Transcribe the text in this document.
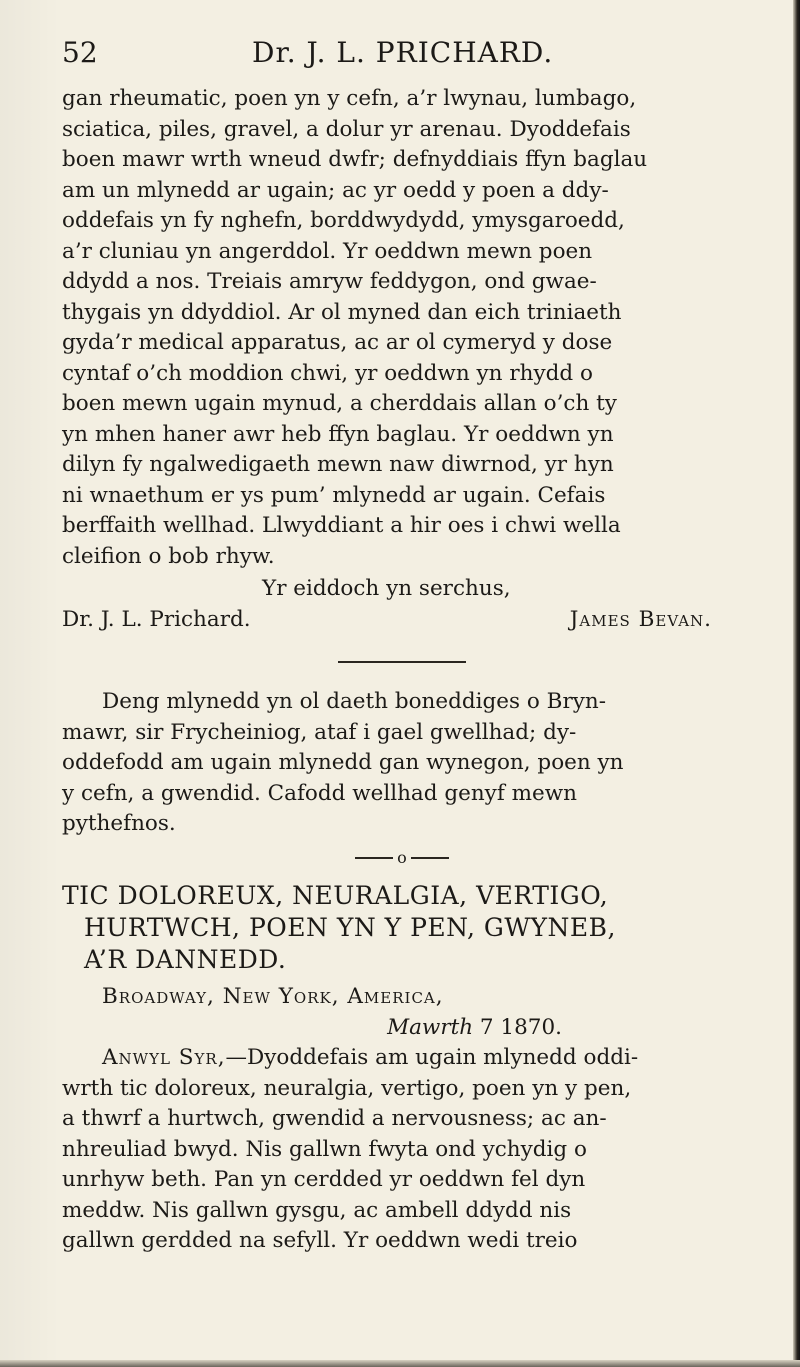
52	Dr. J. L. PRICHARD.
gan rheumatic, poen yn y cefn, a’r lwynau, lumbago,
sciatica, piles, gravel, a dolur yr arenau. Dyoddefais
boen mawr wrth wneud dwfr; defnyddiais ffyn baglau
am un mlynedd ar ugain; ac yr oedd y poen a ddy-
oddefais yn fy nghefn, borddwydydd, ymysgaroedd,
a’r cluniau yn angerddol. Yr oeddwn mewn poen
ddydd a nos. Treiais amryw feddygon, ond gwae-
thygais yn ddyddiol. Ar ol myned dan eich triniaeth
gyda’r medical apparatus, ac ar ol cymeryd y dose
cyntaf o’ch moddion chwi, yr oeddwn yn rhydd o
boen mewn ugain mynud, a cherddais allan o’ch ty
yn mhen haner awr heb ffyn baglau. Yr oeddwn yn
dilyn fy ngalwedigaeth mewn naw diwrnod, yr hyn
ni wnaethum er ys pum’ mlynedd ar ugain. Cefais
berffaith wellhad. Llwyddiant a hir oes i chwi wella
cleifion o bob rhyw.
Yr eiddoch yn serchus,
Dr. J. L. Prichard.	James Bevan.
Deng mlynedd yn ol daeth boneddiges o Bryn-
mawr, sir Frycheiniog, ataf i gael gwellhad; dy-
oddefodd am ugain mlynedd gan wynegon, poen yn
y cefn, a gwendid. Cafodd wellhad genyf mewn
pythefnos.
o
TIC DOLOREUX, NEURALGIA, VERTIGO,
HURTWCH, POEN YN Y PEN, GWYNEB,
A’R DANNEDD.
Broadway, New York, America,
Mawrth 7 1870.
Anwyl Syr,—Dyoddefais am ugain mlynedd oddi-
wrth tic doloreux, neuralgia, vertigo, poen yn y pen,
a thwrf a hurtwch, gwendid a nervousness; ac an-
nhreuliad bwyd. Nis gallwn fwyta ond ychydig o
unrhyw beth. Pan yn cerdded yr oeddwn fel dyn
meddw. Nis gallwn gysgu, ac ambell ddydd nis
gallwn gerdded na sefyll. Yr oeddwn wedi treio
